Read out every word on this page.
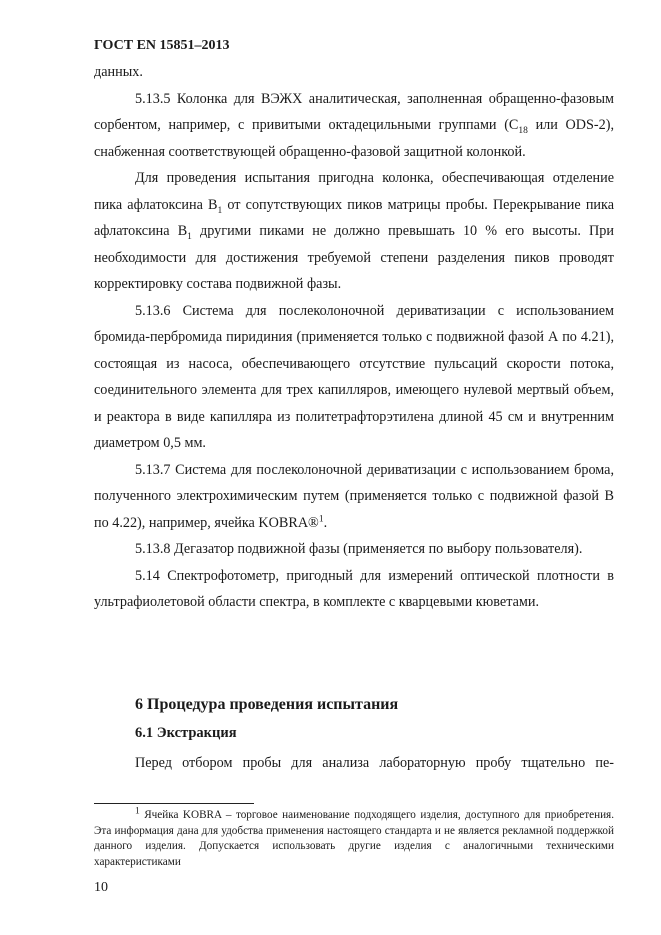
ГОСТ EN 15851–2013

данных.

5.13.5 Колонка для ВЭЖХ аналитическая, заполненная обращенно-фазовым сорбентом, например, с привитыми октадецильными группами ($C_{18}$ или ODS-2), снабженная соответствующей обращенно-фазовой защитной колонкой.

Для проведения испытания пригодна колонка, обеспечивающая отделение пика афлатоксина $B_1$ от сопутствующих пиков матрицы пробы. Перекрывание пика афлатоксина $B_1$ другими пиками не должно превышать 10 % его высоты. При необходимости для достижения требуемой степени разделения пиков проводят корректировку состава подвижной фазы.

5.13.6 Система для послеколоночной дериватизации с использованием бромида-пербромида пиридиния (применяется только с подвижной фазой А по 4.21), состоящая из насоса, обеспечивающего отсутствие пульсаций скорости потока, соединительного элемента для трех капилляров, имеющего нулевой мертвый объем, и реактора в виде капилляра из политетрафторэтилена длиной 45 см и внутренним диаметром 0,5 мм.

5.13.7 Система для послеколоночной дериватизации с использованием брома, полученного электрохимическим путем (применяется только с подвижной фазой В по 4.22), например, ячейка KOBRA®$^1$.

5.13.8 Дегазатор подвижной фазы (применяется по выбору пользователя).

5.14 Спектрофотометр, пригодный для измерений оптической плотности в ультрафиолетовой области спектра, в комплекте с кварцевыми кюветами.

6 Процедура проведения испытания
6.1 Экстракция

Перед отбором пробы для анализа лабораторную пробу тщательно пе-

$^1$ Ячейка KOBRA – торговое наименование подходящего изделия, доступного для приобретения. Эта информация дана для удобства применения настоящего стандарта и не является рекламной поддержкой данного изделия. Допускается использовать другие изделия с аналогичными техническими характеристиками
10
